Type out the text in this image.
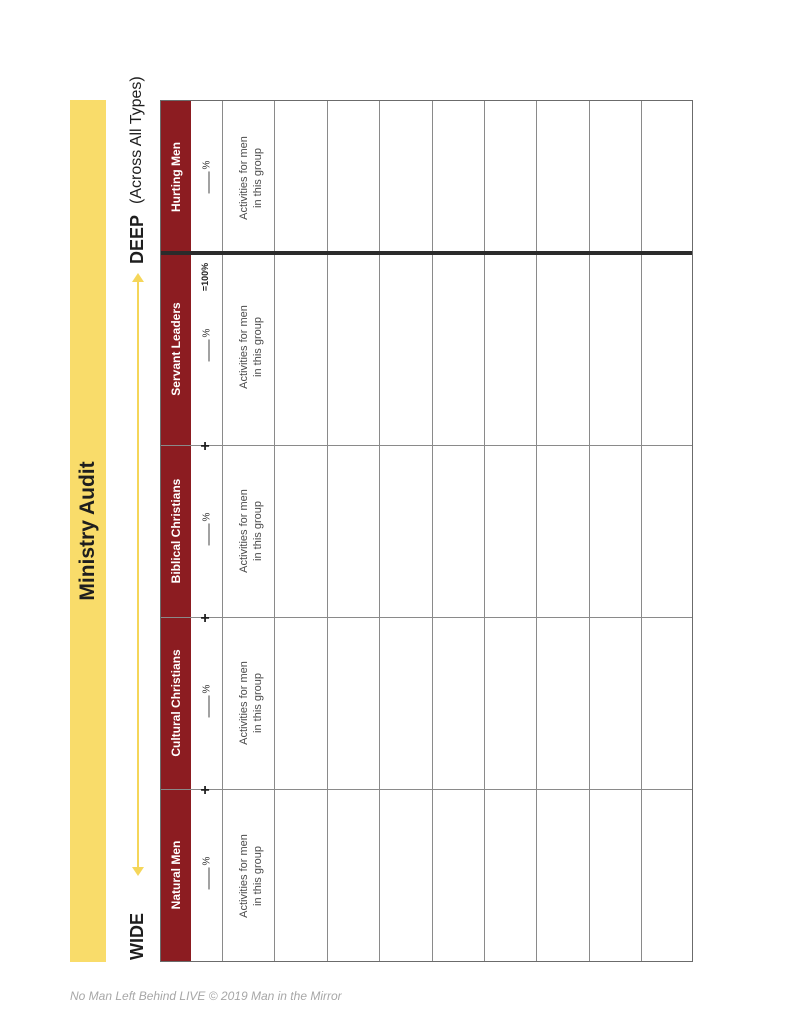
Ministry Audit
WIDE
DEEP
(Across All Types)
Natural Men
Cultural Christians
Biblical Christians
Servant Leaders
Hurting Men
%
%
%
%
%
+
+
+
=100%
Activities for men in this group
Activities for men in this group
Activities for men in this group
Activities for men in this group
Activities for men in this group
No Man Left Behind LIVE © 2019 Man in the Mirror
